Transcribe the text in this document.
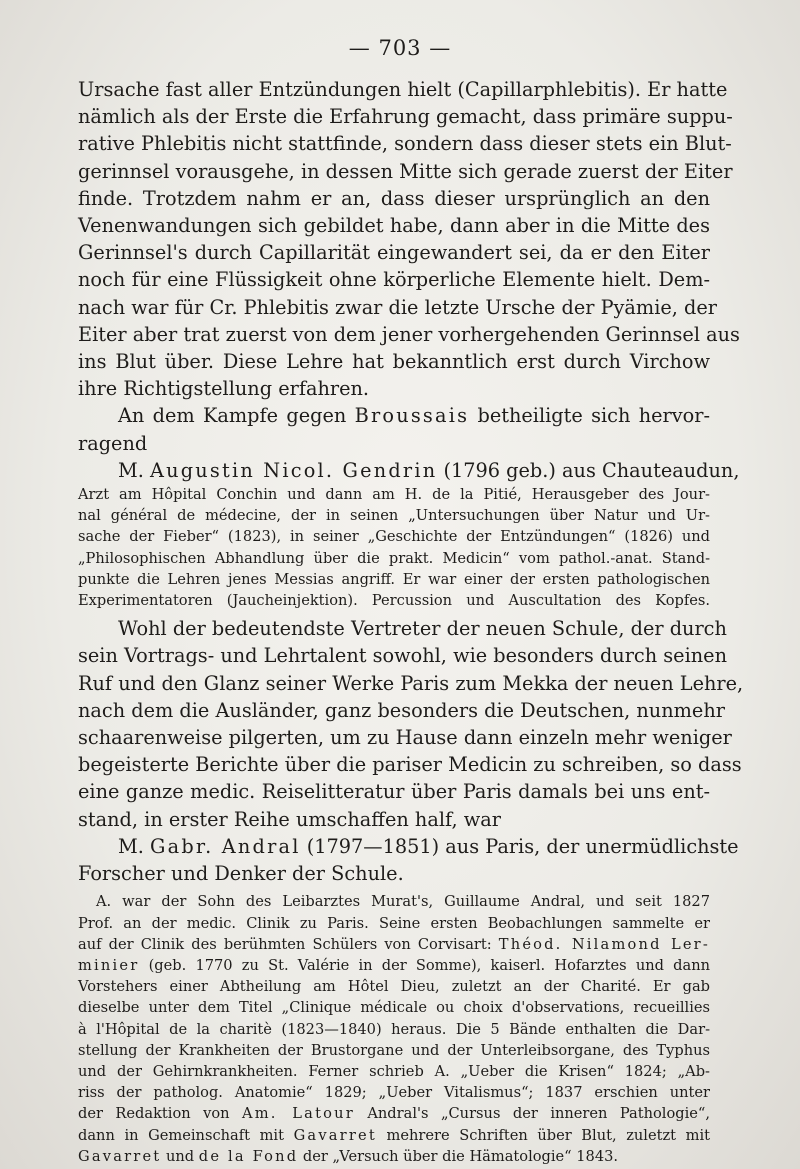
— 703 —

Ursache fast aller Entzündungen hielt (Capillarphlebitis). Er hatte
nämlich als der Erste die Erfahrung gemacht, dass primäre suppu-
rative Phlebitis nicht stattfinde, sondern dass dieser stets ein Blut-
gerinnsel vorausgehe, in dessen Mitte sich gerade zuerst der Eiter
finde. Trotzdem nahm er an, dass dieser ursprünglich an den
Venenwandungen sich gebildet habe, dann aber in die Mitte des
Gerinnsel's durch Capillarität eingewandert sei, da er den Eiter
noch für eine Flüssigkeit ohne körperliche Elemente hielt. Dem-
nach war für Cr. Phlebitis zwar die letzte Ursche der Pyämie, der
Eiter aber trat zuerst von dem jener vorhergehenden Gerinnsel aus
ins Blut über. Diese Lehre hat bekanntlich erst durch Virchow
ihre Richtigstellung erfahren.

An dem Kampfe gegen Broussais betheiligte sich hervor-
ragend

M. Augustin Nicol. Gendrin (1796 geb.) aus Chauteaudun,

Arzt am Hôpital Conchin und dann am H. de la Pitié, Herausgeber des Jour-
nal général de médecine, der in seinen „Untersuchungen über Natur und Ur-
sache der Fieber“ (1823), in seiner „Geschichte der Entzündungen“ (1826) und
„Philosophischen Abhandlung über die prakt. Medicin“ vom pathol.-anat. Stand-
punkte die Lehren jenes Messias angriff. Er war einer der ersten pathologischen
Experimentatoren (Jaucheinjektion). Percussion und Auscultation des Kopfes.

Wohl der bedeutendste Vertreter der neuen Schule, der durch
sein Vortrags- und Lehrtalent sowohl, wie besonders durch seinen
Ruf und den Glanz seiner Werke Paris zum Mekka der neuen Lehre,
nach dem die Ausländer, ganz besonders die Deutschen, nunmehr
schaarenweise pilgerten, um zu Hause dann einzeln mehr weniger
begeisterte Berichte über die pariser Medicin zu schreiben, so dass
eine ganze medic. Reiselitteratur über Paris damals bei uns ent-
stand, in erster Reihe umschaffen half, war

M. Gabr. Andral (1797—1851) aus Paris, der unermüdlichste
Forscher und Denker der Schule.

A. war der Sohn des Leibarztes Murat's, Guillaume Andral, und seit 1827
Prof. an der medic. Clinik zu Paris. Seine ersten Beobachlungen sammelte er
auf der Clinik des berühmten Schülers von Corvisart: Théod. Nilamond Ler-
minier (geb. 1770 zu St. Valérie in der Somme), kaiserl. Hofarztes und dann
Vorstehers einer Abtheilung am Hôtel Dieu, zuletzt an der Charité. Er gab
dieselbe unter dem Titel „Clinique médicale ou choix d'observations, recueillies
à l'Hôpital de la charitè (1823—1840) heraus. Die 5 Bände enthalten die Dar-
stellung der Krankheiten der Brustorgane und der Unterleibsorgane, des Typhus
und der Gehirnkrankheiten. Ferner schrieb A. „Ueber die Krisen“ 1824; „Ab-
riss der patholog. Anatomie“ 1829; „Ueber Vitalismus“; 1837 erschien unter
der Redaktion von Am. Latour Andral's „Cursus der inneren Pathologie“,
dann in Gemeinschaft mit Gavarret mehrere Schriften über Blut, zuletzt mit
Gavarret und de la Fond der „Versuch über die Hämatologie“ 1843.
